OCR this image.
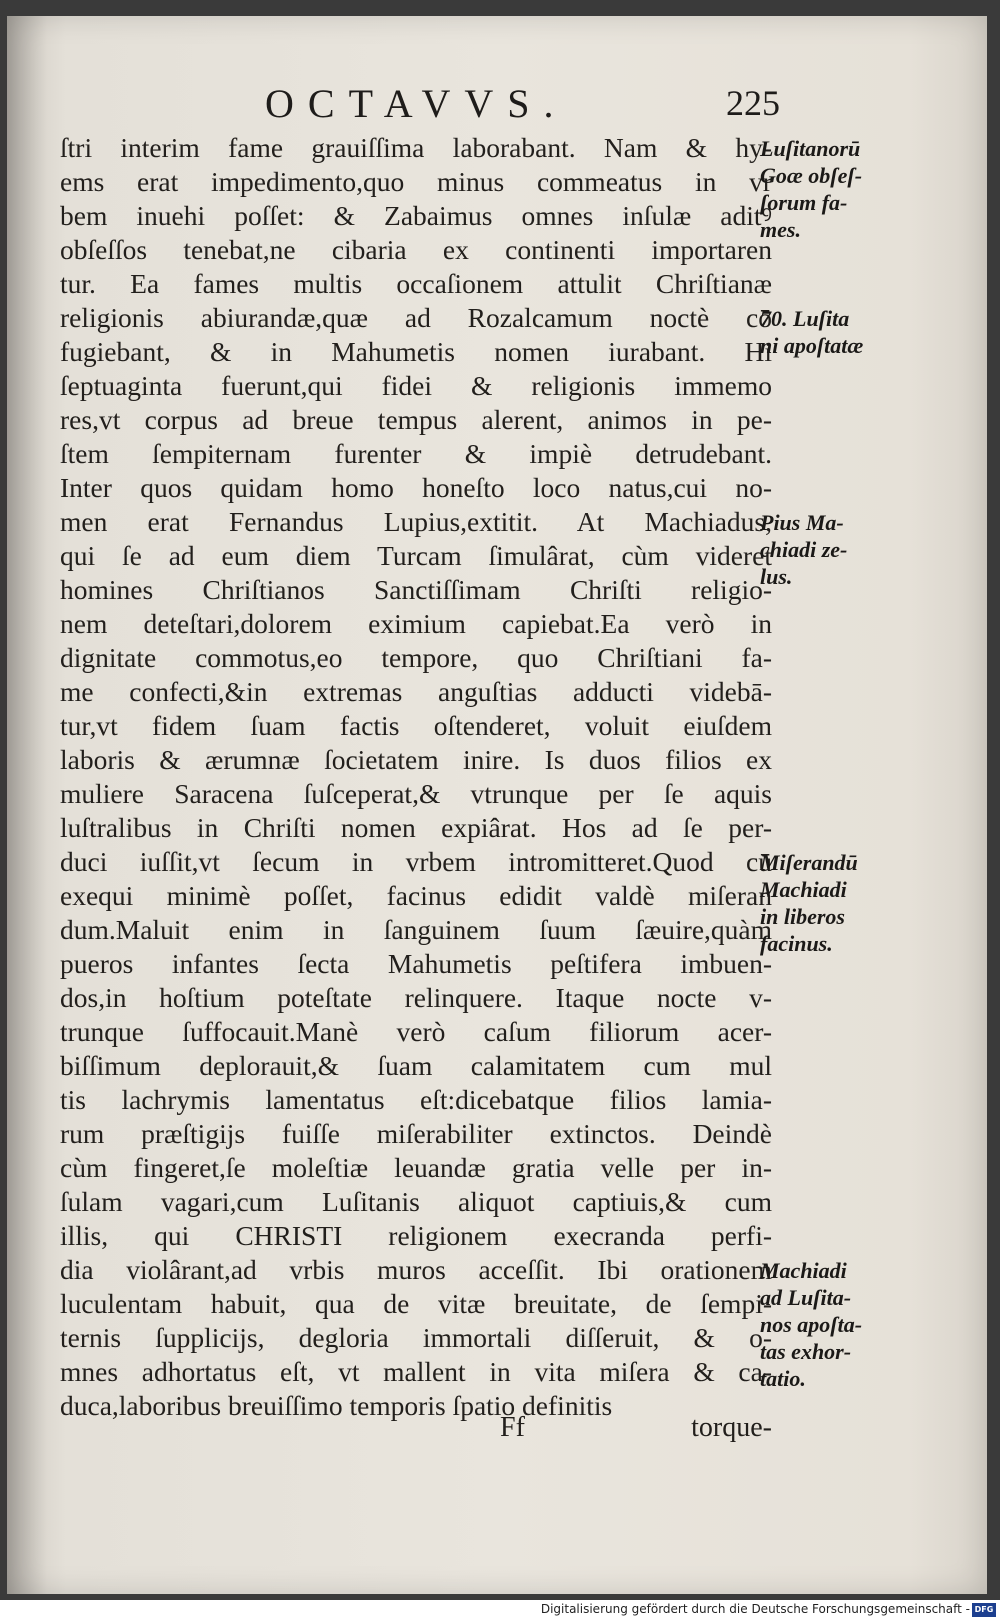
OCTAVVS.	225
ſtri interim fame grauiſſima laborabant. Nam & hy-
ems erat impedimento,quo minus commeatus in vr
bem inuehi poſſet: & Zabaimus omnes inſulæ aditꝰ
obſeſſos tenebat,ne cibaria ex continenti importaren
tur. Ea fames multis occaſionem attulit Chriſtianæ
religionis abiurandæ,quæ ad Rozalcamum noctè cō
fugiebant, & in Mahumetis nomen iurabant. Hi
ſeptuaginta fuerunt,qui fidei & religionis immemo
res,vt corpus ad breue tempus alerent, animos in pe-
ſtem ſempiternam furenter & impiè detrudebant.
Inter quos quidam homo honeſto loco natus,cui no-
men erat Fernandus Lupius,extitit. At Machiadus,
qui ſe ad eum diem Turcam ſimulârat, cùm videret
homines Chriſtianos Sanctiſſimam Chriſti religio-
nem deteſtari,dolorem eximium capiebat.Ea verò in
dignitate commotus,eo tempore, quo Chriſtiani fa-
me confecti,&in extremas anguſtias adducti videbā-
tur,vt fidem ſuam factis oſtenderet, voluit eiuſdem
laboris & ærumnæ ſocietatem inire. Is duos filios ex
muliere Saracena ſuſceperat,& vtrunque per ſe aquis
luſtralibus in Chriſti nomen expiârat. Hos ad ſe per-
duci iuſſit,vt ſecum in vrbem intromitteret.Quod cū
exequi minimè poſſet, facinus edidit valdè miſeran
dum.Maluit enim in ſanguinem ſuum ſæuire,quàm
pueros infantes ſecta Mahumetis peſtifera imbuen-
dos,in hoſtium poteſtate relinquere. Itaque nocte v-
trunque ſuffocauit.Manè verò caſum filiorum acer-
biſſimum deplorauit,& ſuam calamitatem cum mul
tis lachrymis lamentatus eſt:dicebatque filios lamia-
rum præſtigijs fuiſſe miſerabiliter extinctos. Deindè
cùm fingeret,ſe moleſtiæ leuandæ gratia velle per in-
ſulam vagari,cum Luſitanis aliquot captiuis,& cum
illis, qui CHRISTI religionem execranda perfi-
dia violârant,ad vrbis muros acceſſit. Ibi orationem
luculentam habuit, qua de vitæ breuitate, de ſempi-
ternis ſupplicijs, degloria immortali diſſeruit, & o-
mnes adhortatus eſt, vt mallent in vita miſera & ca-
duca,laboribus breuiſſimo temporis ſpatio definitis
Luſitanorū
Goæ obſeſ-
ſorum fa-
mes.
70. Luſita
ni apoſtatæ
Pius Ma-
chiadi ze-
lus.
Miſerandū
Machiadi
in liberos
facinus.
Machiadi
ad Luſita-
nos apoſta-
tas exhor-
tatio.
Ff	torque-
Digitalisierung gefördert durch die Deutsche Forschungsgemeinschaft - DFG
